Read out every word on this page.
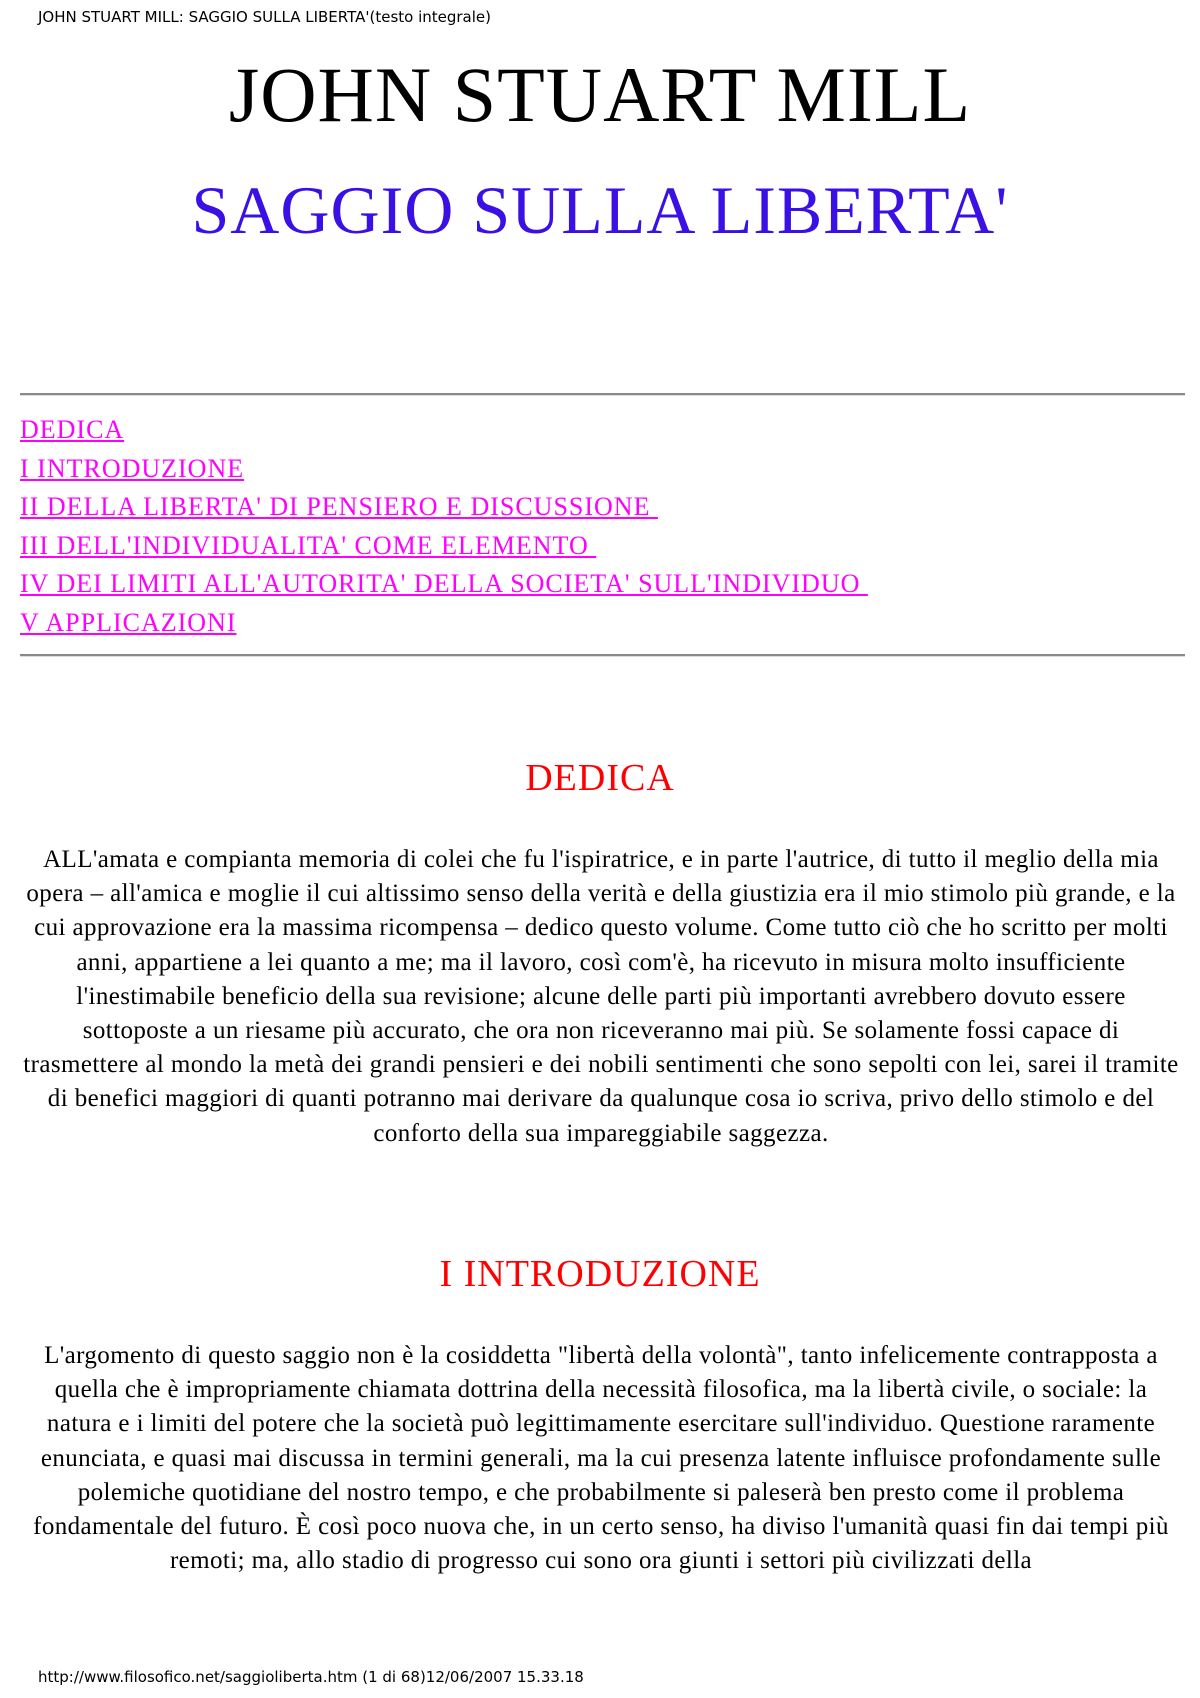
JOHN STUART MILL: SAGGIO SULLA LIBERTA'(testo integrale)
JOHN STUART MILL
SAGGIO SULLA LIBERTA'
DEDICA
I INTRODUZIONE
II DELLA LIBERTA' DI PENSIERO E DISCUSSIONE
III DELL'INDIVIDUALITA' COME ELEMENTO
IV DEI LIMITI ALL'AUTORITA' DELLA SOCIETA' SULL'INDIVIDUO
V APPLICAZIONI
DEDICA

ALL'amata e compianta memoria di colei che fu l'ispiratrice, e in parte l'autrice, di tutto il meglio della mia opera – all'amica e moglie il cui altissimo senso della verità e della giustizia era il mio stimolo più grande, e la cui approvazione era la massima ricompensa – dedico questo volume. Come tutto ciò che ho scritto per molti anni, appartiene a lei quanto a me; ma il lavoro, così com'è, ha ricevuto in misura molto insufficiente l'inestimabile beneficio della sua revisione; alcune delle parti più importanti avrebbero dovuto essere sottoposte a un riesame più accurato, che ora non riceveranno mai più. Se solamente fossi capace di trasmettere al mondo la metà dei grandi pensieri e dei nobili sentimenti che sono sepolti con lei, sarei il tramite di benefici maggiori di quanti potranno mai derivare da qualunque cosa io scriva, privo dello stimolo e del conforto della sua impareggiabile saggezza.

I INTRODUZIONE

L'argomento di questo saggio non è la cosiddetta "libertà della volontà", tanto infelicemente contrapposta a quella che è impropriamente chiamata dottrina della necessità filosofica, ma la libertà civile, o sociale: la natura e i limiti del potere che la società può legittimamente esercitare sull'individuo. Questione raramente enunciata, e quasi mai discussa in termini generali, ma la cui presenza latente influisce profondamente sulle polemiche quotidiane del nostro tempo, e che probabilmente si paleserà ben presto come il problema fondamentale del futuro. È così poco nuova che, in un certo senso, ha diviso l'umanità quasi fin dai tempi più remoti; ma, allo stadio di progresso cui sono ora giunti i settori più civilizzati della

http://www.filosofico.net/saggioliberta.htm (1 di 68)12/06/2007 15.33.18
